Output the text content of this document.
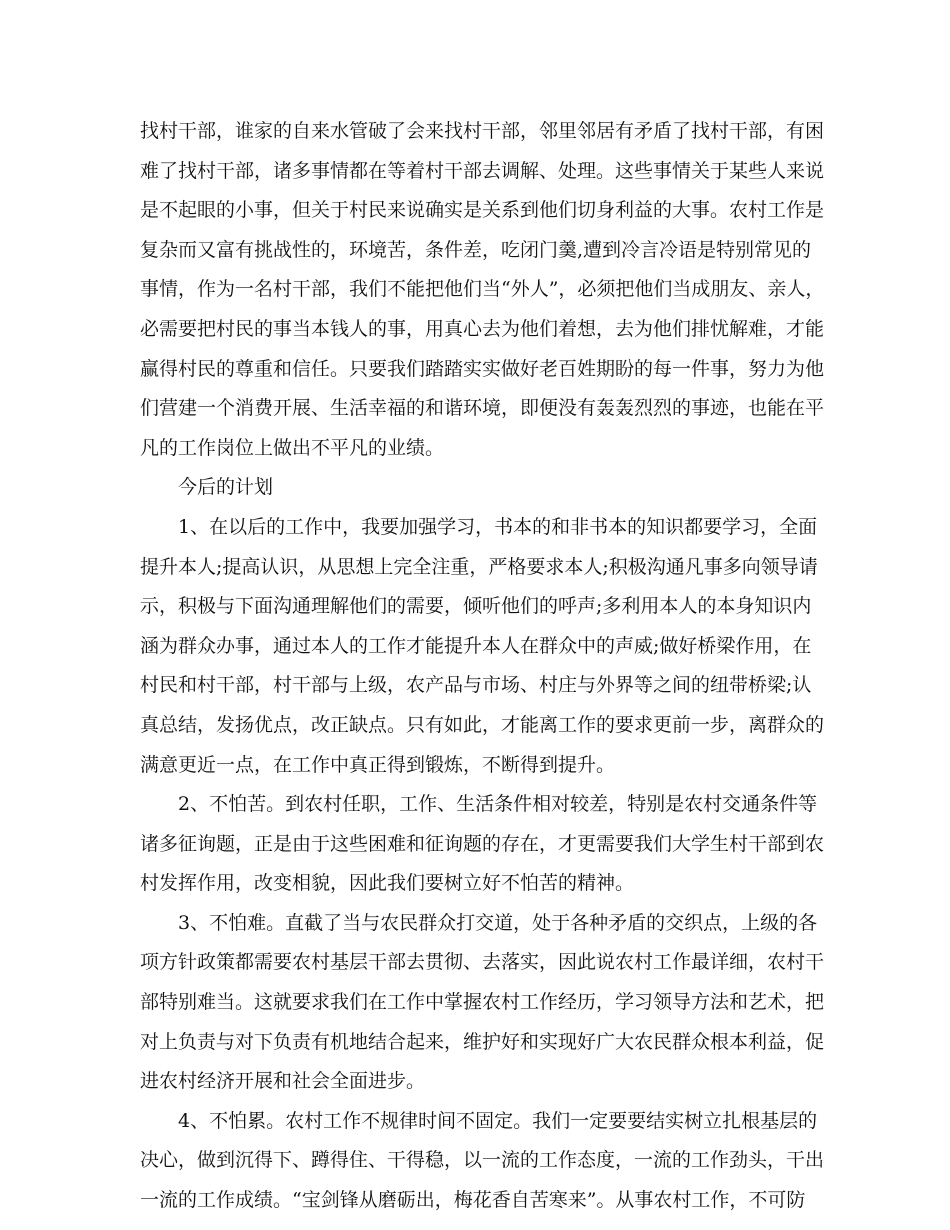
找村干部，谁家的自来水管破了会来找村干部，邻里邻居有矛盾了找村干部，有困
难了找村干部，诸多事情都在等着村干部去调解、处理。这些事情关于某些人来说
是不起眼的小事，但关于村民来说确实是关系到他们切身利益的大事。农村工作是
复杂而又富有挑战性的，环境苦，条件差，吃闭门羹,遭到冷言冷语是特别常见的
事情，作为一名村干部，我们不能把他们当“外人”，必须把他们当成朋友、亲人，
必需要把村民的事当本钱人的事，用真心去为他们着想，去为他们排忧解难，才能
赢得村民的尊重和信任。只要我们踏踏实实做好老百姓期盼的每一件事，努力为他
们营建一个消费开展、生活幸福的和谐环境，即便没有轰轰烈烈的事迹，也能在平
凡的工作岗位上做出不平凡的业绩。
今后的计划
1、在以后的工作中，我要加强学习，书本的和非书本的知识都要学习，全面
提升本人;提高认识，从思想上完全注重，严格要求本人;积极沟通凡事多向领导请
示，积极与下面沟通理解他们的需要，倾听他们的呼声;多利用本人的本身知识内
涵为群众办事，通过本人的工作才能提升本人在群众中的声威;做好桥梁作用，在
村民和村干部，村干部与上级，农产品与市场、村庄与外界等之间的纽带桥梁;认
真总结，发扬优点，改正缺点。只有如此，才能离工作的要求更前一步，离群众的
满意更近一点，在工作中真正得到锻炼，不断得到提升。
2、不怕苦。到农村任职，工作、生活条件相对较差，特别是农村交通条件等
诸多征询题，正是由于这些困难和征询题的存在，才更需要我们大学生村干部到农
村发挥作用，改变相貌，因此我们要树立好不怕苦的精神。
3、不怕难。直截了当与农民群众打交道，处于各种矛盾的交织点，上级的各
项方针政策都需要农村基层干部去贯彻、去落实，因此说农村工作最详细，农村干
部特别难当。这就要求我们在工作中掌握农村工作经历，学习领导方法和艺术，把
对上负责与对下负责有机地结合起来，维护好和实现好广大农民群众根本利益，促
进农村经济开展和社会全面进步。
4、不怕累。农村工作不规律时间不固定。我们一定要要结实树立扎根基层的
决心，做到沉得下、蹲得住、干得稳，以一流的工作态度，一流的工作劲头，干出
一流的工作成绩。“宝剑锋从磨砺出，梅花香自苦寒来”。从事农村工作，不可防
